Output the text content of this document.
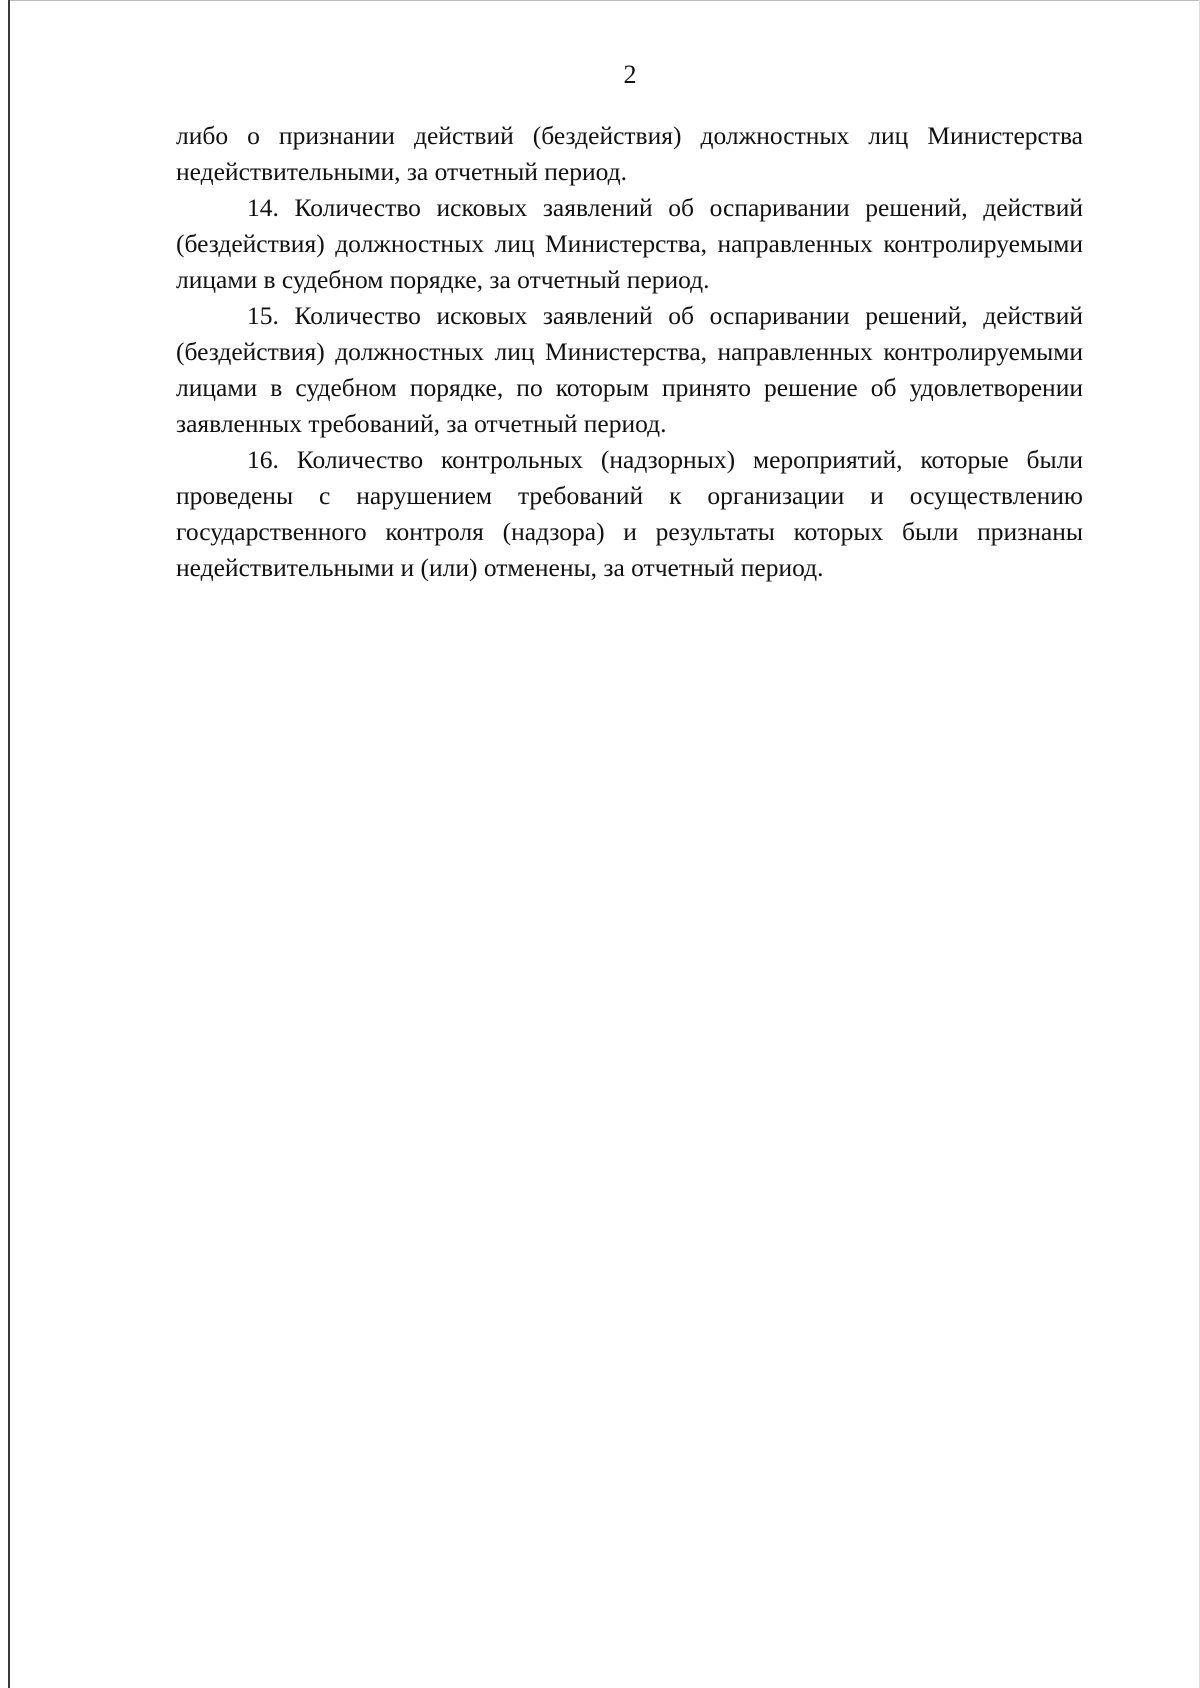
2

либо о признании действий (бездействия) должностных лиц Министерства недействительными, за отчетный период.

14. Количество исковых заявлений об оспаривании решений, действий (бездействия) должностных лиц Министерства, направленных контролируемыми лицами в судебном порядке, за отчетный период.

15. Количество исковых заявлений об оспаривании решений, действий (бездействия) должностных лиц Министерства, направленных контролируемыми лицами в судебном порядке, по которым принято решение об удовлетворении заявленных требований, за отчетный период.

16. Количество контрольных (надзорных) мероприятий, которые были проведены с нарушением требований к организации и осуществлению государственного контроля (надзора) и результаты которых были признаны недействительными и (или) отменены, за отчетный период.
